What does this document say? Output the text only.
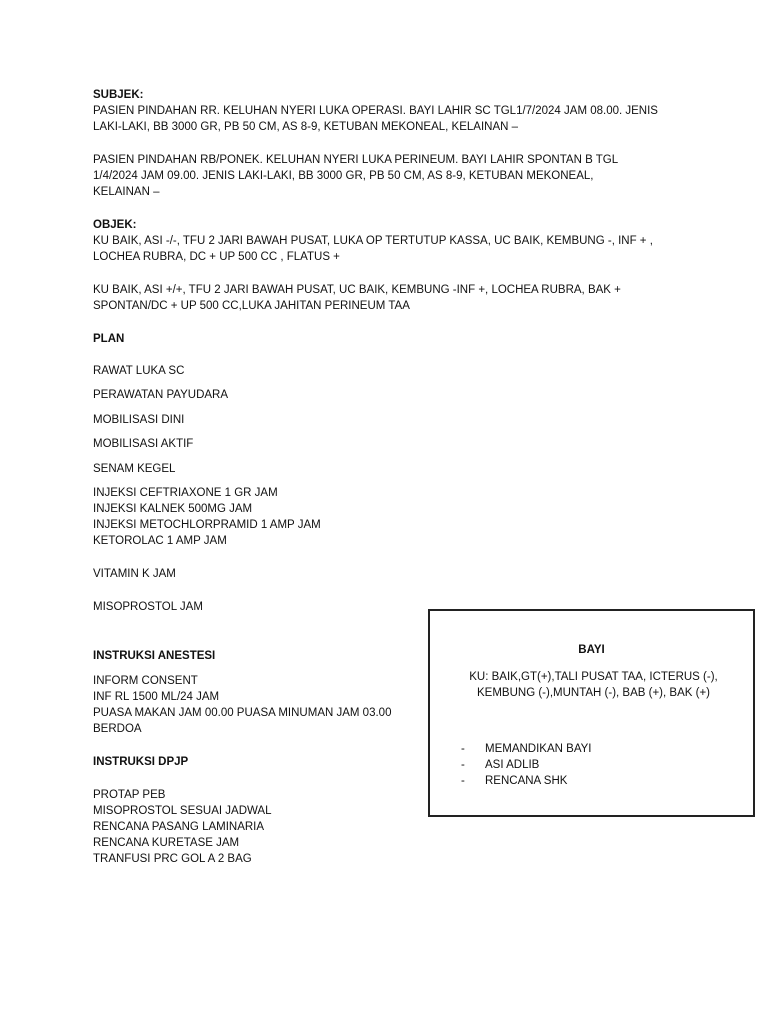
SUBJEK:

PASIEN PINDAHAN RR. KELUHAN NYERI LUKA OPERASI. BAYI LAHIR SC TGL1/7/2024 JAM 08.00. JENIS
LAKI-LAKI, BB 3000 GR, PB 50 CM, AS 8-9, KETUBAN MEKONEAL, KELAINAN –

PASIEN PINDAHAN RB/PONEK. KELUHAN NYERI LUKA PERINEUM. BAYI LAHIR SPONTAN B TGL
1/4/2024 JAM 09.00. JENIS LAKI-LAKI, BB 3000 GR, PB 50 CM, AS 8-9, KETUBAN MEKONEAL,
KELAINAN –

OBJEK:

KU BAIK, ASI -/-, TFU 2 JARI BAWAH PUSAT, LUKA OP TERTUTUP KASSA, UC BAIK, KEMBUNG -, INF + ,
LOCHEA RUBRA, DC + UP 500 CC , FLATUS +

KU BAIK, ASI +/+, TFU 2 JARI BAWAH PUSAT, UC BAIK, KEMBUNG -INF +, LOCHEA RUBRA, BAK +
SPONTAN/DC + UP 500 CC,LUKA JAHITAN PERINEUM TAA

PLAN

RAWAT LUKA SC

PERAWATAN PAYUDARA

MOBILISASI DINI

MOBILISASI AKTIF

SENAM KEGEL

INJEKSI CEFTRIAXONE 1 GR JAM
INJEKSI KALNEK 500MG JAM
INJEKSI METOCHLORPRAMID 1 AMP JAM
KETOROLAC 1 AMP JAM

VITAMIN K JAM

MISOPROSTOL JAM

INSTRUKSI ANESTESI

INFORM CONSENT
INF RL 1500 ML/24 JAM
PUASA MAKAN JAM 00.00 PUASA MINUMAN JAM 03.00
BERDOA

INSTRUKSI DPJP

PROTAP PEB
MISOPROSTOL SESUAI JADWAL
RENCANA PASANG LAMINARIA
RENCANA KURETASE JAM
TRANFUSI PRC GOL A 2 BAG

BAYI
KU: BAIK,GT(+),TALI PUSAT TAA, ICTERUS (-),
KEMBUNG (-),MUNTAH (-), BAB (+), BAK (+)
- MEMANDIKAN BAYI
- ASI ADLIB
- RENCANA SHK
